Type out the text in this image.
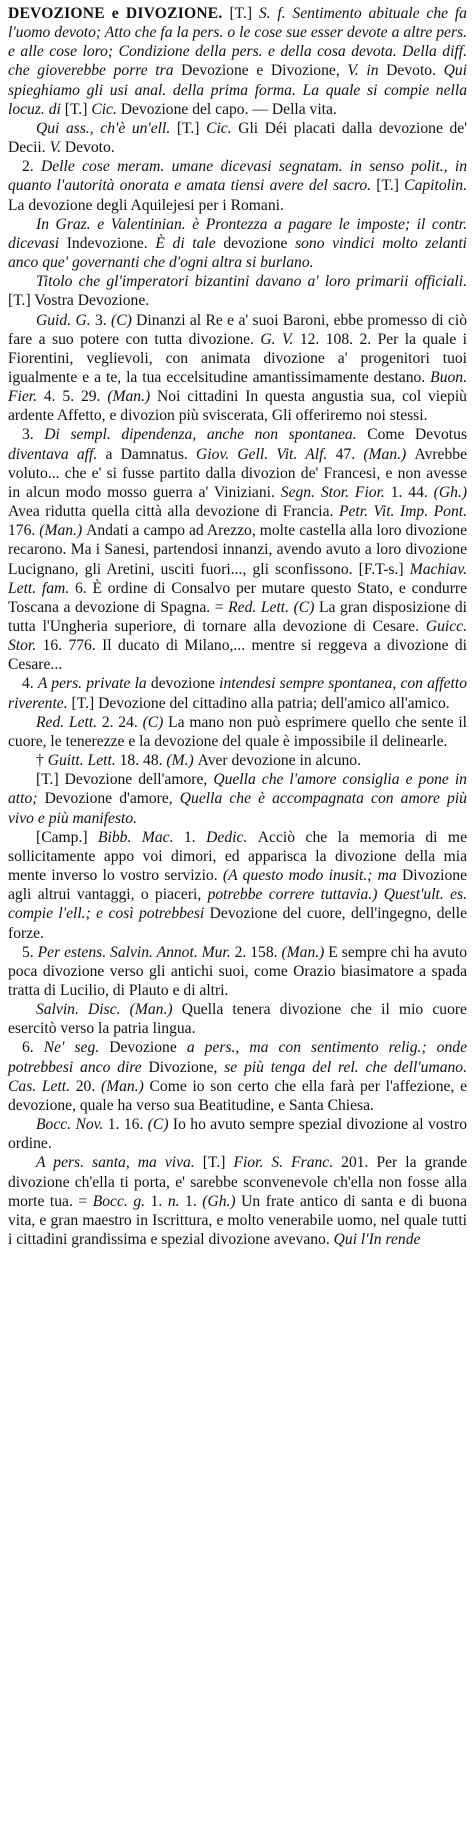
DEVOZIONE e DIVOZIONE. [T.] S. f. Sentimento abituale che fa l'uomo devoto; Atto che fa la pers. o le cose sue esser devote a altre pers. e alle cose loro; Condizione della pers. e della cosa devota. Della diff. che gioverebbe porre tra Devozione e Divozione, V. in Devoto. Qui spieghiamo gli usi anal. della prima forma. La quale si compie nella locuz. di [T.] Cic. Devozione del capo. — Della vita.

Qui ass., ch'è un'ell. [T.] Cic. Gli Déi placati dalla devozione de' Decii. V. Devoto.

2. Delle cose meram. umane dicevasi segnatam. in senso polit., in quanto l'autorità onorata e amata tiensi avere del sacro. [T.] Capitolin. La devozione degli Aquilejesi per i Romani.

In Graz. e Valentinian. è Prontezza a pagare le imposte; il contr. dicevasi Indevozione. È di tale devozione sono vindici molto zelanti anco que' governanti che d'ogni altra si burlano.

Titolo che gl'imperatori bizantini davano a' loro primarii officiali. [T.] Vostra Devozione.

Guid. G. 3. (C) Dinanzi al Re e a' suoi Baroni, ebbe promesso di ciò fare a suo potere con tutta divozione. G. V. 12. 108. 2. Per la quale i Fiorentini, veglievoli, con animata divozione a' progenitori tuoi igualmente e a te, la tua eccelsitudine amantissimamente destano. Buon. Fier. 4. 5. 29. (Man.) Noi cittadini In questa angustia sua, col viepiù ardente Affetto, e divozion più sviscerata, Gli offeriremo noi stessi.

3. Di sempl. dipendenza, anche non spontanea. Come Devotus diventava aff. a Damnatus. Giov. Gell. Vit. Alf. 47. (Man.) Avrebbe voluto... che e' si fusse partito dalla divozion de' Francesi, e non avesse in alcun modo mosso guerra a' Viniziani. Segn. Stor. Fior. 1. 44. (Gh.) Avea ridutta quella città alla devozione di Francia. Petr. Vit. Imp. Pont. 176. (Man.) Andati a campo ad Arezzo, molte castella alla loro divozione recarono. Ma i Sanesi, partendosi innanzi, avendo avuto a loro divozione Lucignano, gli Aretini, usciti fuori..., gli sconfissono. [F.T-s.] Machiav. Lett. fam. 6. È ordine di Consalvo per mutare questo Stato, e condurre Toscana a devozione di Spagna. = Red. Lett. (C) La gran disposizione di tutta l'Ungheria superiore, di tornare alla devozione di Cesare. Guicc. Stor. 16. 776. Il ducato di Milano,... mentre si reggeva a divozione di Cesare...

4. A pers. private la devozione intendesi sempre spontanea, con affetto riverente. [T.] Devozione del cittadino alla patria; dell'amico all'amico.

Red. Lett. 2. 24. (C) La mano non può esprimere quello che sente il cuore, le tenerezze e la devozione del quale è impossibile il delinearle.

† Guitt. Lett. 18. 48. (M.) Aver devozione in alcuno.

[T.] Devozione dell'amore, Quella che l'amore consiglia e pone in atto; Devozione d'amore, Quella che è accompagnata con amore più vivo e più manifesto.

[Camp.] Bibb. Mac. 1. Dedic. Acciò che la memoria di me sollicitamente appo voi dimori, ed apparisca la divozione della mia mente inverso lo vostro servizio. (A questo modo inusit.; ma Divozione agli altrui vantaggi, o piaceri, potrebbe correre tuttavia.) Quest'ult. es. compie l'ell.; e così potrebbesi Devozione del cuore, dell'ingegno, delle forze.

5. Per estens. Salvin. Annot. Mur. 2. 158. (Man.) E sempre chi ha avuto poca divozione verso gli antichi suoi, come Orazio biasimatore a spada tratta di Lucilio, di Plauto e di altri.

Salvin. Disc. (Man.) Quella tenera divozione che il mio cuore esercitò verso la patria lingua.

6. Ne' seg. Devozione a pers., ma con sentimento relig.; onde potrebbesi anco dire Divozione, se più tenga del rel. che dell'umano. Cas. Lett. 20. (Man.) Come io son certo che ella farà per l'affezione, e devozione, quale ha verso sua Beatitudine, e Santa Chiesa.

Bocc. Nov. 1. 16. (C) Io ho avuto sempre spezial divozione al vostro ordine.

A pers. santa, ma viva. [T.] Fior. S. Franc. 201. Per la grande divozione ch'ella ti porta, e' sarebbe sconvenevole ch'ella non fosse alla morte tua. = Bocc. g. 1. n. 1. (Gh.) Un frate antico di santa e di buona vita, e gran maestro in Iscrittura, e molto venerabile uomo, nel quale tutti i cittadini grandissima e spezial divozione avevano. Qui l'In rende
